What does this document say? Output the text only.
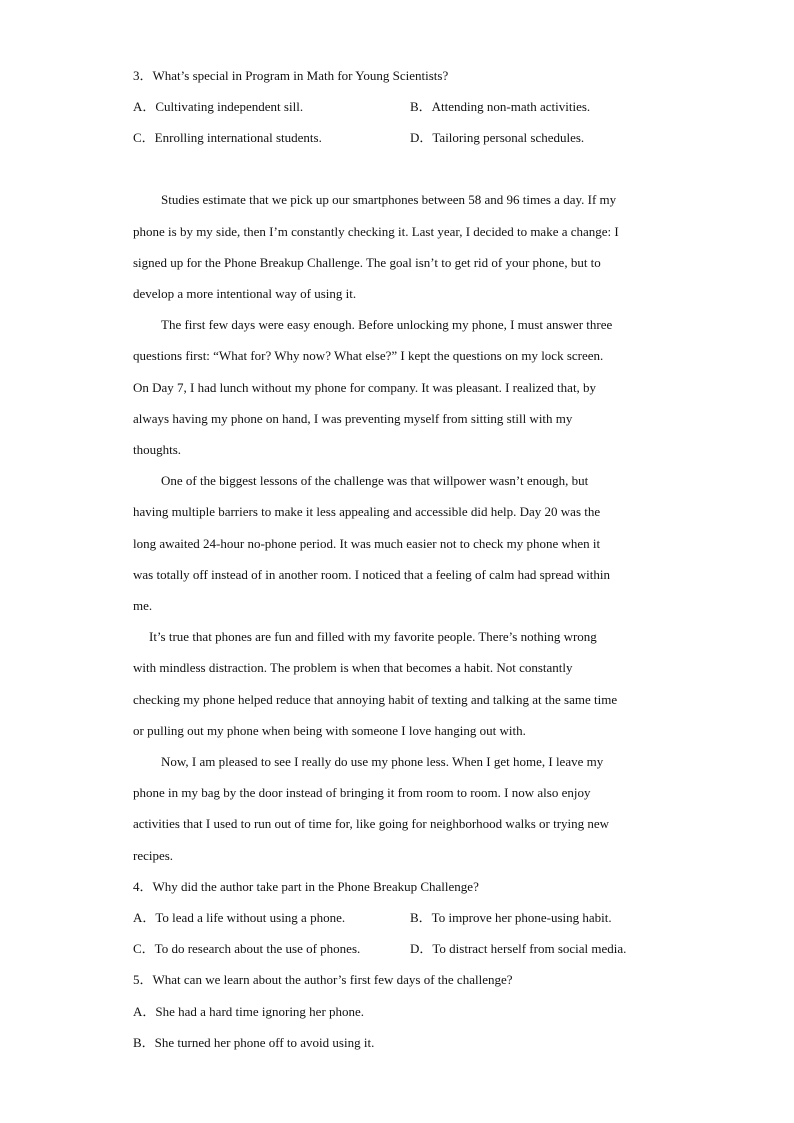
3．What’s special in Program in Math for Young Scientists?
A．Cultivating independent sill.	B．Attending non-math activities.
C．Enrolling international students.	D．Tailoring personal schedules.
Studies estimate that we pick up our smartphones between 58 and 96 times a day. If my
phone is by my side, then I’m constantly checking it. Last year, I decided to make a change: I
signed up for the Phone Breakup Challenge. The goal isn’t to get rid of your phone, but to
develop a more intentional way of using it.
The first few days were easy enough. Before unlocking my phone, I must answer three
questions first: “What for? Why now? What else?” I kept the questions on my lock screen.
On Day 7, I had lunch without my phone for company. It was pleasant. I realized that, by
always having my phone on hand, I was preventing myself from sitting still with my
thoughts.
One of the biggest lessons of the challenge was that willpower wasn’t enough, but
having multiple barriers to make it less appealing and accessible did help. Day 20 was the
long awaited 24-hour no-phone period. It was much easier not to check my phone when it
was totally off instead of in another room. I noticed that a feeling of calm had spread within
me.
It’s true that phones are fun and filled with my favorite people. There’s nothing wrong
with mindless distraction. The problem is when that becomes a habit. Not constantly
checking my phone helped reduce that annoying habit of texting and talking at the same time
or pulling out my phone when being with someone I love hanging out with.
Now, I am pleased to see I really do use my phone less. When I get home, I leave my
phone in my bag by the door instead of bringing it from room to room. I now also enjoy
activities that I used to run out of time for, like going for neighborhood walks or trying new
recipes.
4．Why did the author take part in the Phone Breakup Challenge?
A．To lead a life without using a phone.	B．To improve her phone-using habit.
C．To do research about the use of phones.	D．To distract herself from social media.
5．What can we learn about the author’s first few days of the challenge?
A．She had a hard time ignoring her phone.
B．She turned her phone off to avoid using it.
